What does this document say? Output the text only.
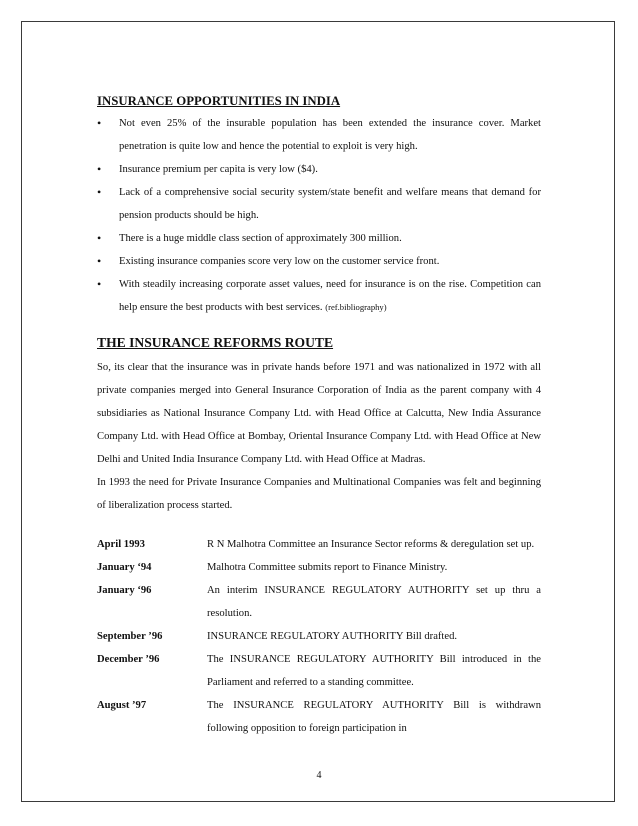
INSURANCE OPPORTUNITIES IN INDIA
• Not even 25% of the insurable population has been extended the insurance cover. Market penetration is quite low and hence the potential to exploit is very high.
• Insurance premium per capita is very low ($4).
• Lack of a comprehensive social security system/state benefit and welfare means that demand for pension products should be high.
• There is a huge middle class section of approximately 300 million.
• Existing insurance companies score very low on the customer service front.
• With steadily increasing corporate asset values, need for insurance is on the rise. Competition can help ensure the best products with best services. (ref.bibliography)
THE INSURANCE REFORMS ROUTE

So, its clear that the insurance was in private hands before 1971 and was nationalized in 1972 with all private companies merged into General Insurance Corporation of India as the parent company with 4 subsidiaries as National Insurance Company Ltd. with Head Office at Calcutta, New India Assurance Company Ltd. with Head Office at Bombay, Oriental Insurance Company Ltd. with Head Office at New Delhi and United India Insurance Company Ltd. with Head Office at Madras.

In 1993 the need for Private Insurance Companies and Multinational Companies was felt and beginning of liberalization process started.

April 1993	R N Malhotra Committee an Insurance Sector reforms & deregulation set up.
January ‘94	Malhotra Committee submits report to Finance Ministry.
January ‘96	An interim INSURANCE REGULATORY AUTHORITY set up thru a resolution.
September ’96	INSURANCE REGULATORY AUTHORITY Bill drafted.
December ’96	The INSURANCE REGULATORY AUTHORITY Bill introduced in the Parliament and referred to a standing committee.
August ’97	The INSURANCE REGULATORY AUTHORITY Bill is withdrawn following opposition to foreign participation in
4
